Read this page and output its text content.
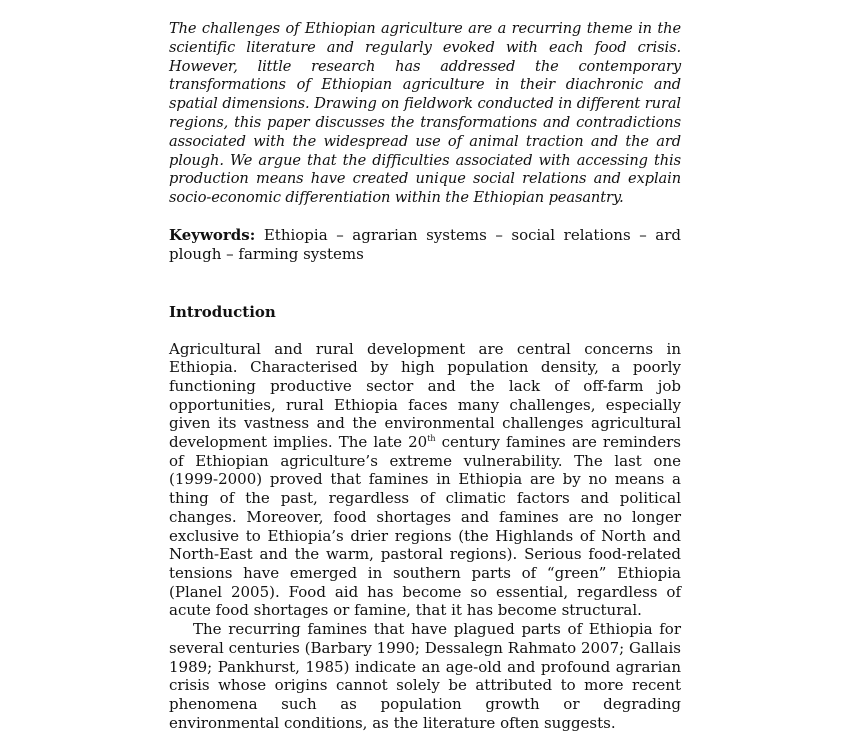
The challenges of Ethiopian agriculture are a recurring theme in the scientific literature and regularly evoked with each food crisis. However, little research has addressed the contemporary transformations of Ethiopian agriculture in their diachronic and spatial dimensions. Drawing on fieldwork conducted in different rural regions, this paper discusses the transformations and contradictions associated with the widespread use of animal traction and the ard plough. We argue that the difficulties associated with accessing this production means have created unique social relations and explain socio-economic differentiation within the Ethiopian peasantry.

Keywords: Ethiopia – agrarian systems – social relations – ard plough – farming systems

Introduction

Agricultural and rural development are central concerns in Ethiopia. Characterised by high population density, a poorly functioning productive sector and the lack of off-farm job opportunities, rural Ethiopia faces many challenges, especially given its vastness and the environmental challenges agricultural development implies. The late 20th century famines are reminders of Ethiopian agriculture’s extreme vulnerability. The last one (1999-2000) proved that famines in Ethiopia are by no means a thing of the past, regardless of climatic factors and political changes. Moreover, food shortages and famines are no longer exclusive to Ethiopia’s drier regions (the Highlands of North and North-East and the warm, pastoral regions). Serious food-related tensions have emerged in southern parts of “green” Ethiopia (Planel 2005). Food aid has become so essential, regardless of acute food shortages or famine, that it has become structural.

The recurring famines that have plagued parts of Ethiopia for several centuries (Barbary 1990; Dessalegn Rahmato 2007; Gallais 1989; Pankhurst, 1985) indicate an age-old and profound agrarian crisis whose origins cannot solely be attributed to more recent phenomena such as population growth or degrading environmental conditions, as the literature often suggests.
